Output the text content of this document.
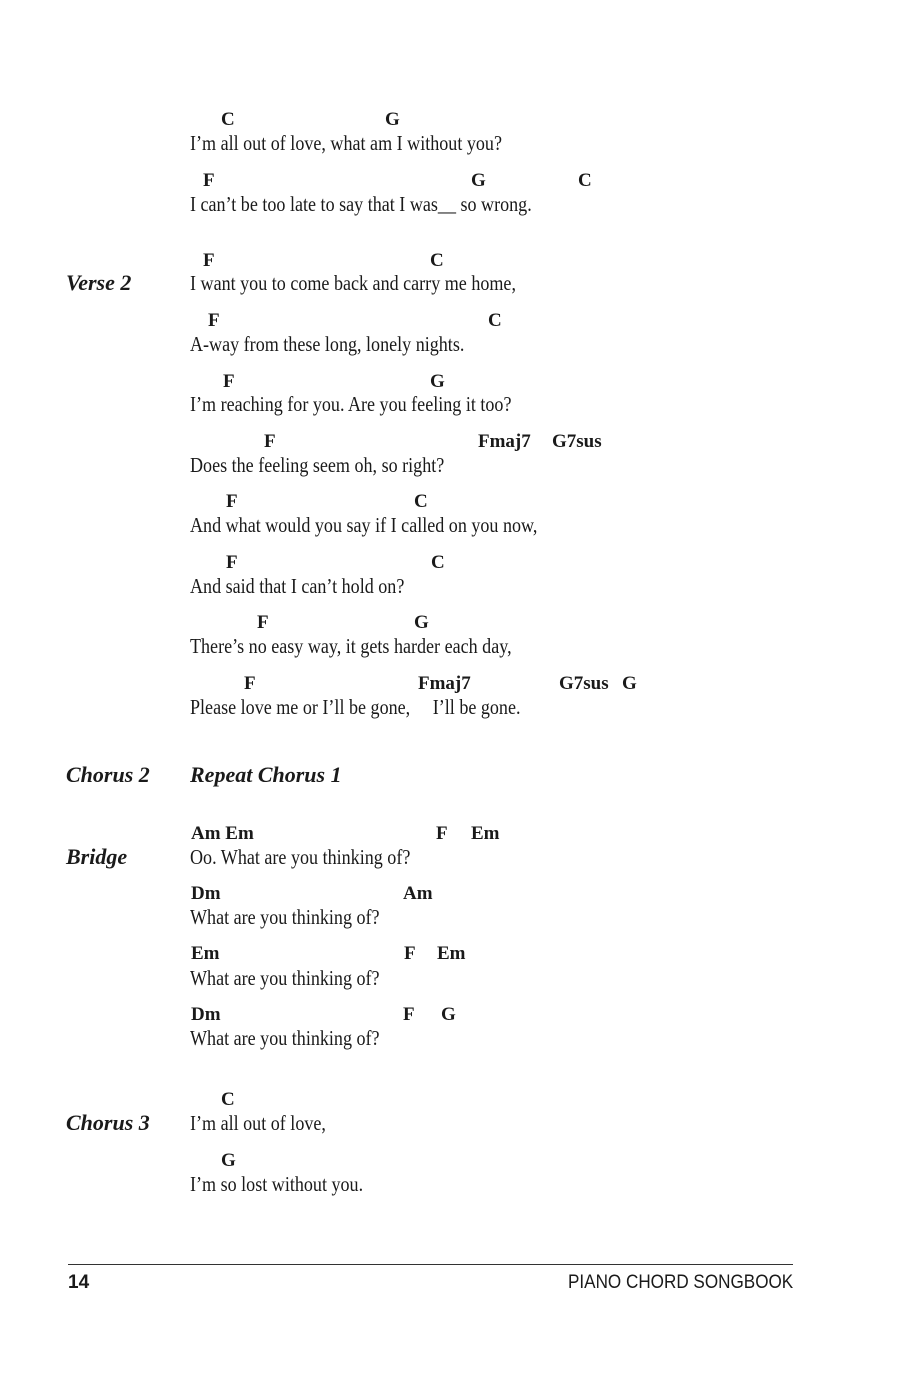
C	G
I’m all out of love, what am I without you?
F	G	C
I can’t be too late to say that I was__ so wrong.
Verse 2
F	C
I want you to come back and carry me home,
F	C
A-way from these long, lonely nights.
F	G
I’m reaching for you. Are you feeling it too?
F	Fmaj7 G7sus
Does the feeling seem oh, so right?
F	C
And what would you say if I called on you now,
F	C
And said that I can’t hold on?
F	G
There’s no easy way, it gets harder each day,
F	Fmaj7	G7sus G
Please love me or I’ll be gone,     I’ll be gone.
Chorus 2 Repeat Chorus 1
Bridge
Am Em	F Em
Oo. What are you thinking of?
Dm	Am
What are you thinking of?
Em	F Em
What are you thinking of?
Dm	F G
What are you thinking of?
Chorus 3
C
I’m all out of love,
G
I’m so lost without you.
14	PIANO CHORD SONGBOOK
